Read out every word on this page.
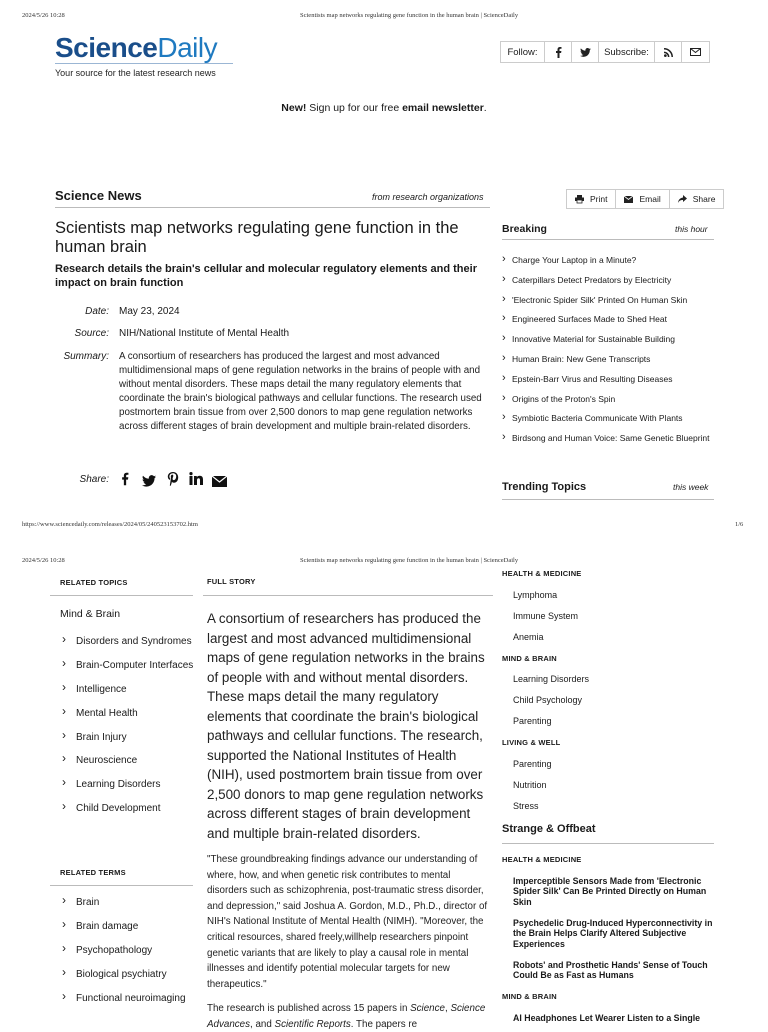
2024/5/26 10:28	Scientists map networks regulating gene function in the human brain | ScienceDaily
ScienceDaily
Your source for the latest research news
Follow:	Subscribe:
New! Sign up for our free email newsletter.
Science News	from research organizations	Print	Email	Share
Scientists map networks regulating gene function in the human brain
Research details the brain's cellular and molecular regulatory elements and their impact on brain function
Date: May 23, 2024
Source: NIH/National Institute of Mental Health
Summary: A consortium of researchers has produced the largest and most advanced multidimensional maps of gene regulation networks in the brains of people with and without mental disorders. These maps detail the many regulatory elements that coordinate the brain's biological pathways and cellular functions. The research used postmortem brain tissue from over 2,500 donors to map gene regulation networks across different stages of brain development and multiple brain-related disorders.
Share:
Breaking	this hour
› Charge Your Laptop in a Minute?
› Caterpillars Detect Predators by Electricity
› 'Electronic Spider Silk' Printed On Human Skin
› Engineered Surfaces Made to Shed Heat
› Innovative Material for Sustainable Building
› Human Brain: New Gene Transcripts
› Epstein-Barr Virus and Resulting Diseases
› Origins of the Proton's Spin
› Symbiotic Bacteria Communicate With Plants
› Birdsong and Human Voice: Same Genetic Blueprint
Trending Topics	this week
https://www.sciencedaily.com/releases/2024/05/240523153702.htm	1/6
2024/5/26 10:28	Scientists map networks regulating gene function in the human brain | ScienceDaily
RELATED TOPICS
Mind & Brain
› Disorders and Syndromes
› Brain-Computer Interfaces
› Intelligence
› Mental Health
› Brain Injury
› Neuroscience
› Learning Disorders
› Child Development
RELATED TERMS
› Brain
› Brain damage
› Psychopathology
› Biological psychiatry
› Functional neuroimaging
FULL STORY

A consortium of researchers has produced the largest and most advanced multidimensional maps of gene regulation networks in the brains of people with and without mental disorders. These maps detail the many regulatory elements that coordinate the brain's biological pathways and cellular functions. The research, supported the National Institutes of Health (NIH), used postmortem brain tissue from over 2,500 donors to map gene regulation networks across different stages of brain development and multiple brain-related disorders.

"These groundbreaking findings advance our understanding of where, how, and when genetic risk contributes to mental disorders such as schizophrenia, post-traumatic stress disorder, and depression," said Joshua A. Gordon, M.D., Ph.D., director of NIH's National Institute of Mental Health (NIMH). "Moreover, the critical resources, shared freely,willhelp researchers pinpoint genetic variants that are likely to play a causal role in mental illnesses and identify potential molecular targets for new therapeutics."

The research is published across 15 papers in Science, Science Advances, and Scientific Reports. The papers re

HEALTH & MEDICINE
Lymphoma
Immune System
Anemia
MIND & BRAIN
Learning Disorders
Child Psychology
Parenting
LIVING & WELL
Parenting
Nutrition
Stress
Strange & Offbeat
HEALTH & MEDICINE
Imperceptible Sensors Made from 'Electronic Spider Silk' Can Be Printed Directly on Human Skin
Psychedelic Drug-Induced Hyperconnectivity in the Brain Helps Clarify Altered Subjective Experiences
Robots' and Prosthetic Hands' Sense of Touch Could Be as Fast as Humans
MIND & BRAIN
AI Headphones Let Wearer Listen to a Single
